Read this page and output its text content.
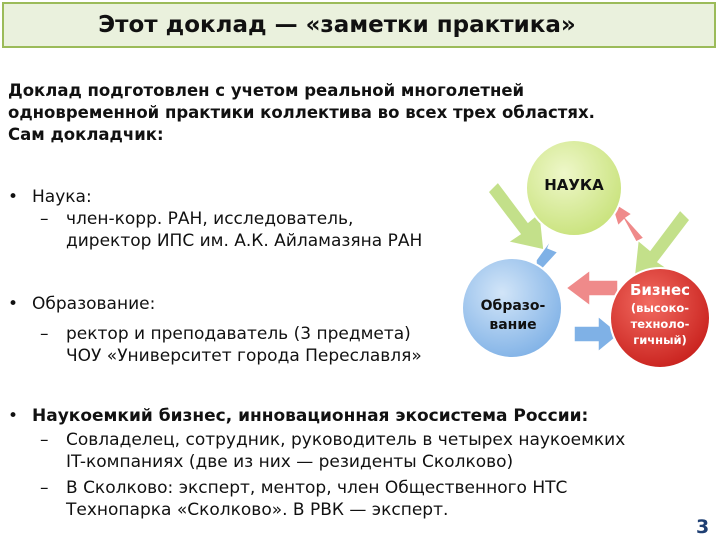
Этот доклад — «заметки практика»
Доклад подготовлен с учетом реальной многолетней
одновременной практики коллектива во всех трех областях.
Сам докладчик:
• Наука:
–	член-корр. РАН, исследователь,
директор ИПС им. А.К. Айламазяна РАН
• Образование:
–	ректор и преподаватель (3 предмета)
ЧОУ «Университет города Переславля»
• Наукоемкий бизнес, инновационная экосистема России:
–	Совладелец, сотрудник, руководитель в четырех наукоемких
IT-компаниях (две из них — резиденты Сколково)
–	В Сколково: эксперт, ментор, член Общественного НТС
Технопарка «Сколково». В РВК — эксперт.
НАУКА
Образо-
вание
Бизнес
(высоко-
техноло-
гичный)
3
